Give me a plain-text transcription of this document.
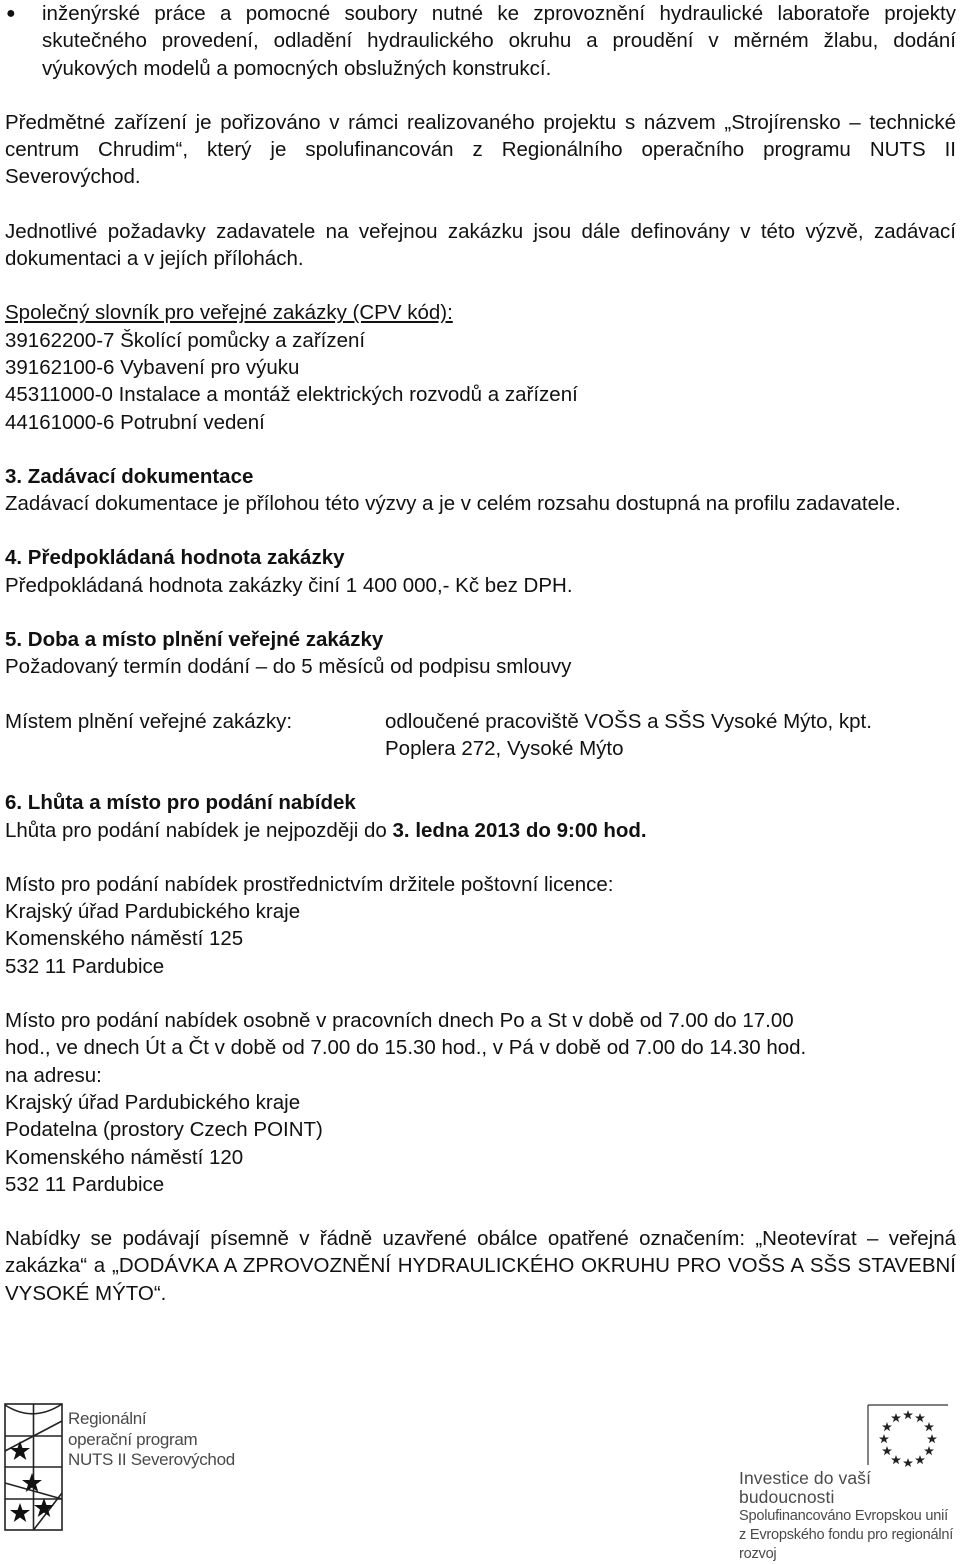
●	inženýrské práce a pomocné soubory nutné ke zprovoznění hydraulické laboratoře projekty skutečného provedení, odladění hydraulického okruhu a proudění v měrném žlabu, dodání výukových modelů a pomocných obslužných konstrukcí.

Předmětné zařízení je pořizováno v rámci realizovaného projektu s názvem „Strojírensko – technické centrum Chrudim“, který je spolufinancován z Regionálního operačního programu NUTS II Severovýchod.

Jednotlivé požadavky zadavatele na veřejnou zakázku jsou dále definovány v této výzvě, zadávací dokumentaci a v jejích přílohách.

Společný slovník pro veřejné zakázky (CPV kód):

39162200-7 Školící pomůcky a zařízení

39162100-6 Vybavení pro výuku

45311000-0 Instalace a montáž elektrických rozvodů a zařízení

44161000-6 Potrubní vedení

3. Zadávací dokumentace

Zadávací dokumentace je přílohou této výzvy a je v celém rozsahu dostupná na profilu zadavatele.

4. Předpokládaná hodnota zakázky

Předpokládaná hodnota zakázky činí 1 400 000,- Kč bez DPH.

5. Doba a místo plnění veřejné zakázky

Požadovaný termín dodání – do 5 měsíců od podpisu smlouvy

Místem plnění veřejné zakázky:	odloučené pracoviště VOŠS a SŠS Vysoké Mýto, kpt.

Poplera 272, Vysoké Mýto

6. Lhůta a místo pro podání nabídek

Lhůta pro podání nabídek je nejpozději do 3. ledna 2013 do 9:00 hod.

Místo pro podání nabídek prostřednictvím držitele poštovní licence:

Krajský úřad Pardubického kraje

Komenského náměstí 125

532 11 Pardubice

Místo pro podání nabídek osobně v pracovních dnech Po a St v době od 7.00 do 17.00

hod., ve dnech Út a Čt v době od 7.00 do 15.30 hod., v Pá v době od 7.00 do 14.30 hod.

na adresu:

Krajský úřad Pardubického kraje

Podatelna (prostory Czech POINT)

Komenského náměstí 120

532 11 Pardubice

Nabídky se podávají písemně v řádně uzavřené obálce opatřené označením: „Neotevírat – veřejná zakázka“ a „DODÁVKA A ZPROVOZNĚNÍ HYDRAULICKÉHO OKRUHU PRO VOŠS A SŠS STAVEBNÍ VYSOKÉ MÝTO“.

Regionální
operační program
NUTS II Severovýchod
Investice do vaší budoucnosti
Spolufinancováno Evropskou unií
z Evropského fondu pro regionální rozvoj
